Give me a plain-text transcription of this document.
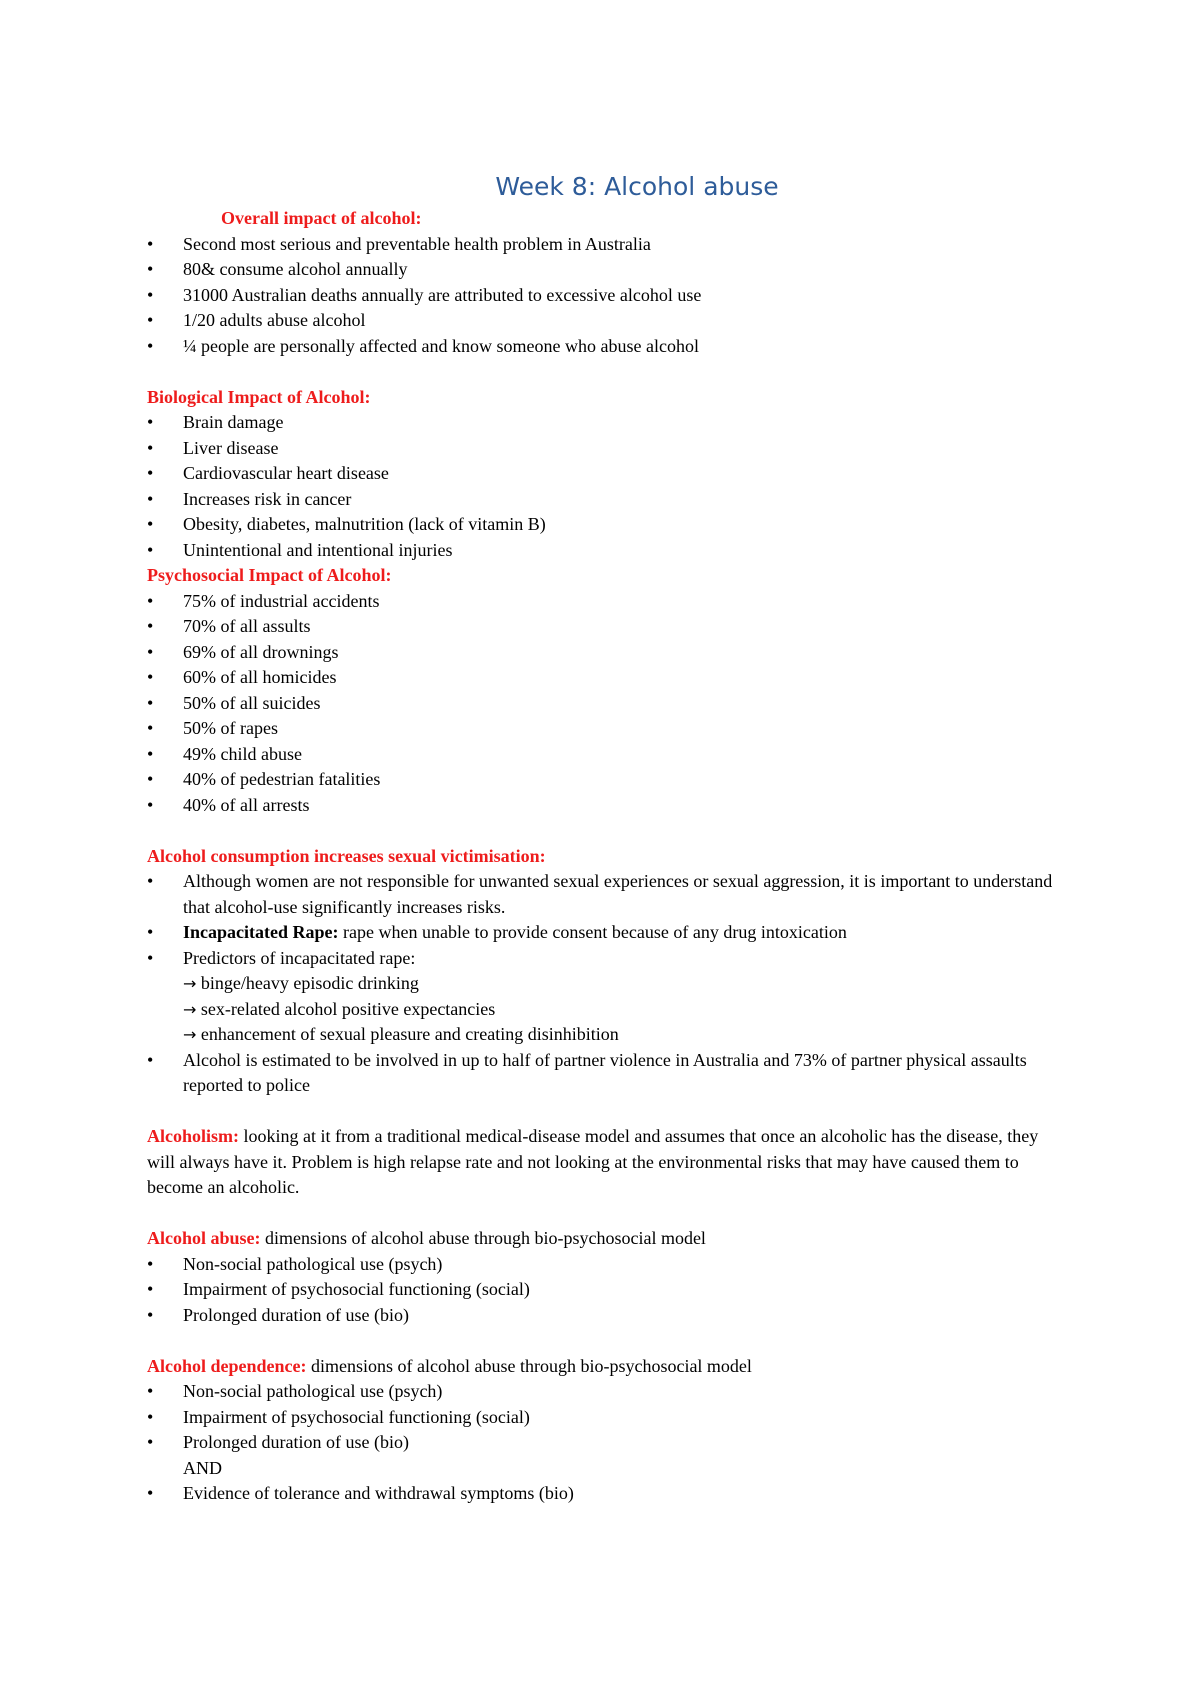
Week 8: Alcohol abuse

Overall impact of alcohol:

• Second most serious and preventable health problem in Australia
• 80& consume alcohol annually
• 31000 Australian deaths annually are attributed to excessive alcohol use
• 1/20 adults abuse alcohol
• ¼ people are personally affected and know someone who abuse alcohol

Biological Impact of Alcohol:

• Brain damage
• Liver disease
• Cardiovascular heart disease
• Increases risk in cancer
• Obesity, diabetes, malnutrition (lack of vitamin B)
• Unintentional and intentional injuries

Psychosocial Impact of Alcohol:

• 75% of industrial accidents
• 70% of all assults
• 69% of all drownings
• 60% of all homicides
• 50% of all suicides
• 50% of rapes
• 49% child abuse
• 40% of pedestrian fatalities
• 40% of all arrests

Alcohol consumption increases sexual victimisation:

• Although women are not responsible for unwanted sexual experiences or sexual aggression, it is important to understand that alcohol-use significantly increases risks.
• Incapacitated Rape: rape when unable to provide consent because of any drug intoxication
• Predictors of incapacitated rape:
→ binge/heavy episodic drinking
→ sex-related alcohol positive expectancies
→ enhancement of sexual pleasure and creating disinhibition
• Alcohol is estimated to be involved in up to half of partner violence in Australia and 73% of partner physical assaults reported to police

Alcoholism: looking at it from a traditional medical-disease model and assumes that once an alcoholic has the disease, they will always have it. Problem is high relapse rate and not looking at the environmental risks that may have caused them to become an alcoholic.

Alcohol abuse: dimensions of alcohol abuse through bio-psychosocial model

• Non-social pathological use (psych)
• Impairment of psychosocial functioning (social)
• Prolonged duration of use (bio)

Alcohol dependence: dimensions of alcohol abuse through bio-psychosocial model

• Non-social pathological use (psych)
• Impairment of psychosocial functioning (social)
• Prolonged duration of use (bio)
AND
• Evidence of tolerance and withdrawal symptoms (bio)
